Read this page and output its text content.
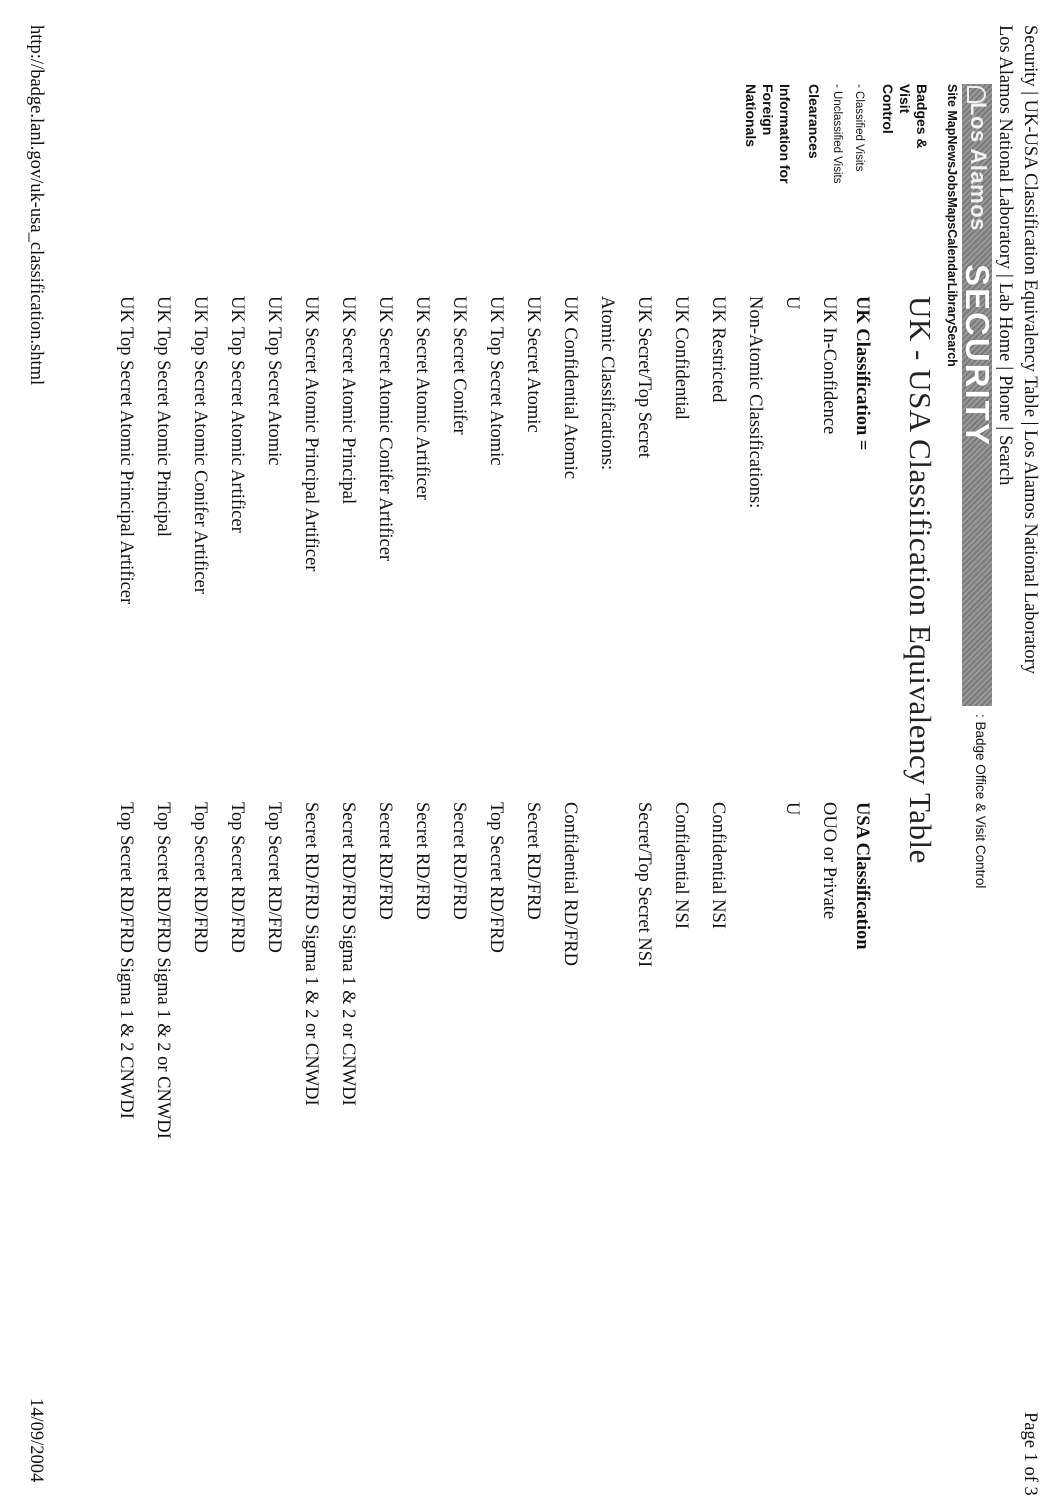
Security | UK-USA Classification Equivalency Table | Los Alamos National Laboratory
Page 1 of 3
Los Alamos National Laboratory|Lab Home|Phone|Search
Los Alamos
SECURITY
: Badge Office & Visit Control
Site MapNewsJobsMapsCalendarLibrarySearch
Badges & Visit Control
- Classified Visits
- Unclassified Visits
Clearances
Information for Foreign Nationals
UK - USA Classification Equivalency Table
UK Classification =
USA Classification
UK In-Confidence
OUO or Private
U
U
Non-Atomic Classifications:
UK Restricted
Confidential NSI
UK Confidential
Confidential NSI
UK Secret/Top Secret
Secret/Top Secret NSI
Atomic Classifications:
UK Confidential Atomic
Confidential RD/FRD
UK Secret Atomic
Secret RD/FRD
UK Top Secret Atomic
Top Secret RD/FRD
UK Secret Conifer
Secret RD/FRD
UK Secret Atomic Artificer
Secret RD/FRD
UK Secret Atomic Conifer Artificer
Secret RD/FRD
UK Secret Atomic Principal
Secret RD/FRD Sigma 1 & 2 or CNWDI
UK Secret Atomic Principal Artificer
Secret RD/FRD Sigma 1 & 2 or CNWDI
UK Top Secret Atomic
Top Secret RD/FRD
UK Top Secret Atomic Artificer
Top Secret RD/FRD
UK Top Secret Atomic Conifer Artificer
Top Secret RD/FRD
UK Top Secret Atomic Principal
Top Secret RD/FRD Sigma 1 & 2 or CNWDI
UK Top Secret Atomic Principal Artificer
Top Secret RD/FRD Sigma 1 & 2 CNWDI
http://badge.lanl.gov/uk-usa_classification.shtml
14/09/2004
